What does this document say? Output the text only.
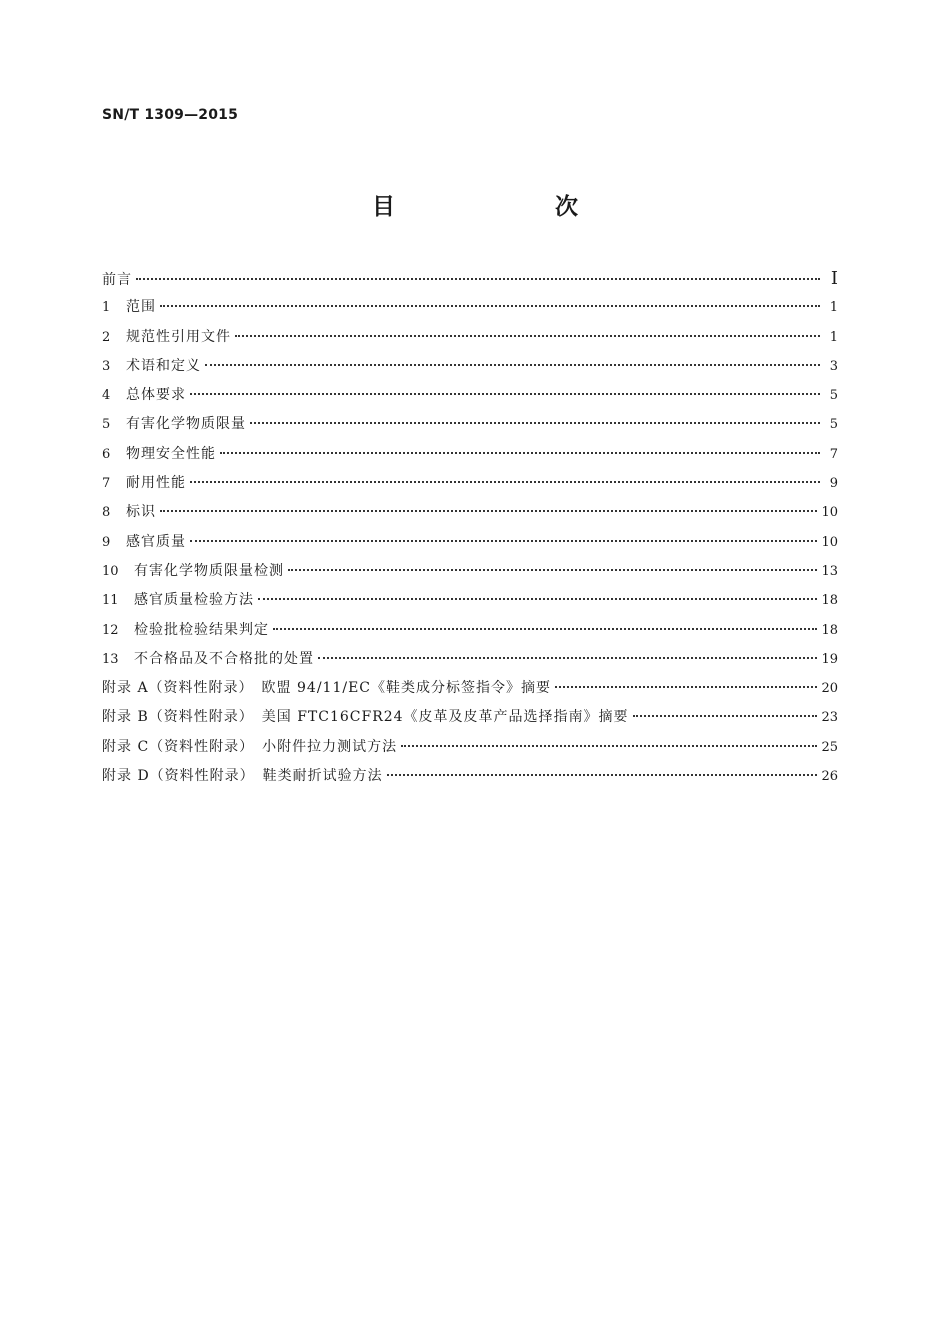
SN/T 1309—2015
目　　次
前言	I
1 范围	1
2 规范性引用文件	1
3 术语和定义	3
4 总体要求	5
5 有害化学物质限量	5
6 物理安全性能	7
7 耐用性能	9
8 标识	10
9 感官质量	10
10 有害化学物质限量检测	13
11 感官质量检验方法	18
12 检验批检验结果判定	18
13 不合格品及不合格批的处置	19
附录 A（资料性附录）　欧盟 94/11/EC《鞋类成分标签指令》摘要	20
附录 B（资料性附录）　美国 FTC16CFR24《皮革及皮革产品选择指南》摘要	23
附录 C（资料性附录）　小附件拉力测试方法	25
附录 D（资料性附录）　鞋类耐折试验方法	26
